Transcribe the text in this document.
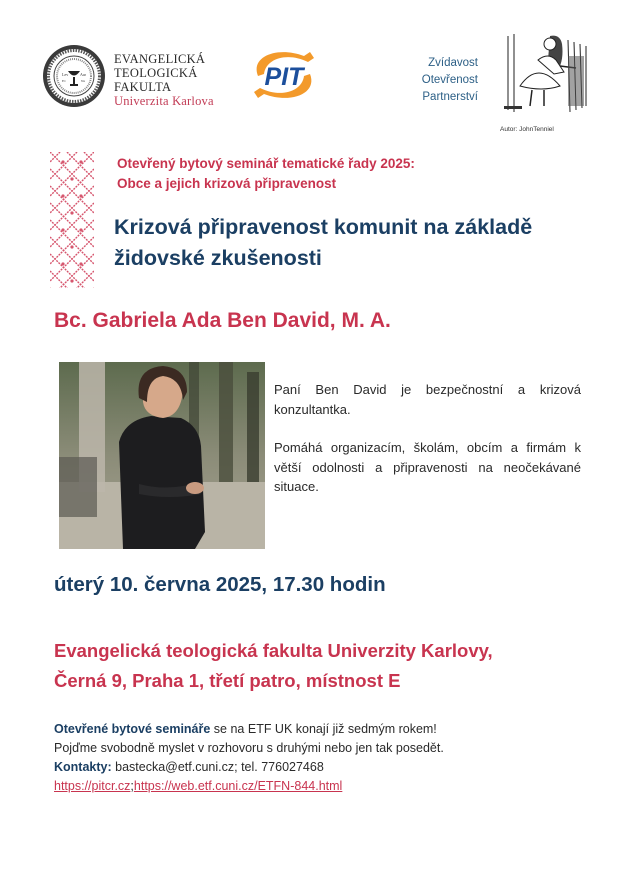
Lev	Aar
Ev	Na
EVANGELICKÁ
TEOLOGICKÁ
FAKULTA
Univerzita Karlova
PIT	Zvídavost
Otevřenost
Partnerství
Autor: JohnTenniel
Otevřený bytový seminář tematické řady 2025:
Obce a jejich krizová připravenost
Krizová připravenost komunit na základě
židovské zkušenosti
Bc. Gabriela Ada Ben David, M. A.

Paní Ben David je bezpečnostní a krizová konzultantka.

Pomáhá organizacím, školám, obcím a firmám k větší odolnosti a připravenosti na neočekávané situace.

úterý 10. června 2025, 17.30 hodin
Evangelická teologická fakulta Univerzity Karlovy,
Černá 9, Praha 1, třetí patro, místnost E
Otevřené bytové semináře se na ETF UK konají již sedmým rokem!
Pojďme svobodně myslet v rozhovoru s druhými nebo jen tak posedět.
Kontakty: bastecka@etf.cuni.cz; tel. 776027468
https://pitcr.cz;https://web.etf.cuni.cz/ETFN-844.html
